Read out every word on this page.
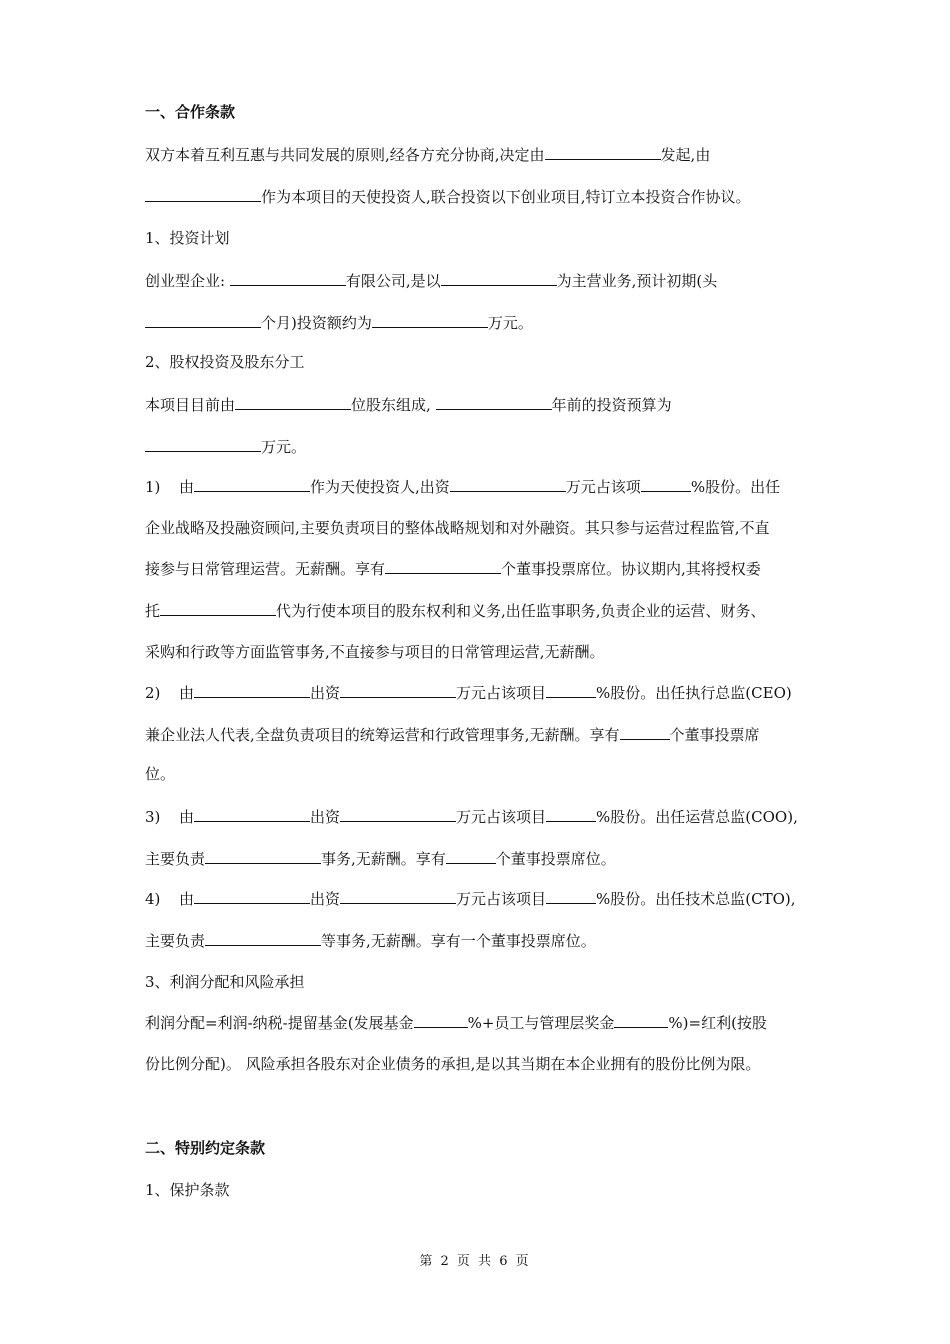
一、合作条款
双方本着互利互惠与共同发展的原则,经各方充分协商,决定由	发起,由
作为本项目的天使投资人,联合投资以下创业项目,特订立本投资合作协议。
1、投资计划
创业型企业:	有限公司,是以	为主营业务,预计初期(头
个月)投资额约为	万元。
2、股权投资及股东分工
本项目目前由	位股东组成,	年前的投资预算为
万元。
1) 由	作为天使投资人,出资	万元占该项	%股份。出任
企业战略及投融资顾问,主要负责项目的整体战略规划和对外融资。其只参与运营过程监管,不直
接参与日常管理运营。无薪酬。享有	个董事投票席位。协议期内,其将授权委
托	代为行使本项目的股东权利和义务,出任监事职务,负责企业的运营、财务、
采购和行政等方面监管事务,不直接参与项目的日常管理运营,无薪酬。
2) 由	出资	万元占该项目	%股份。出任执行总监(CEO)
兼企业法人代表,全盘负责项目的统筹运营和行政管理事务,无薪酬。享有	个董事投票席
位。
3) 由	出资	万元占该项目	%股份。出任运营总监(COO),
主要负责	事务,无薪酬。享有	个董事投票席位。
4) 由	出资	万元占该项目	%股份。出任技术总监(CTO),
主要负责	等事务,无薪酬。享有一个董事投票席位。
3、利润分配和风险承担
利润分配=利润-纳税-提留基金(发展基金	%+员工与管理层奖金	%)=红利(按股
份比例分配)。 风险承担各股东对企业债务的承担,是以其当期在本企业拥有的股份比例为限。
二、特别约定条款
1、保护条款
第 2 页 共 6 页
